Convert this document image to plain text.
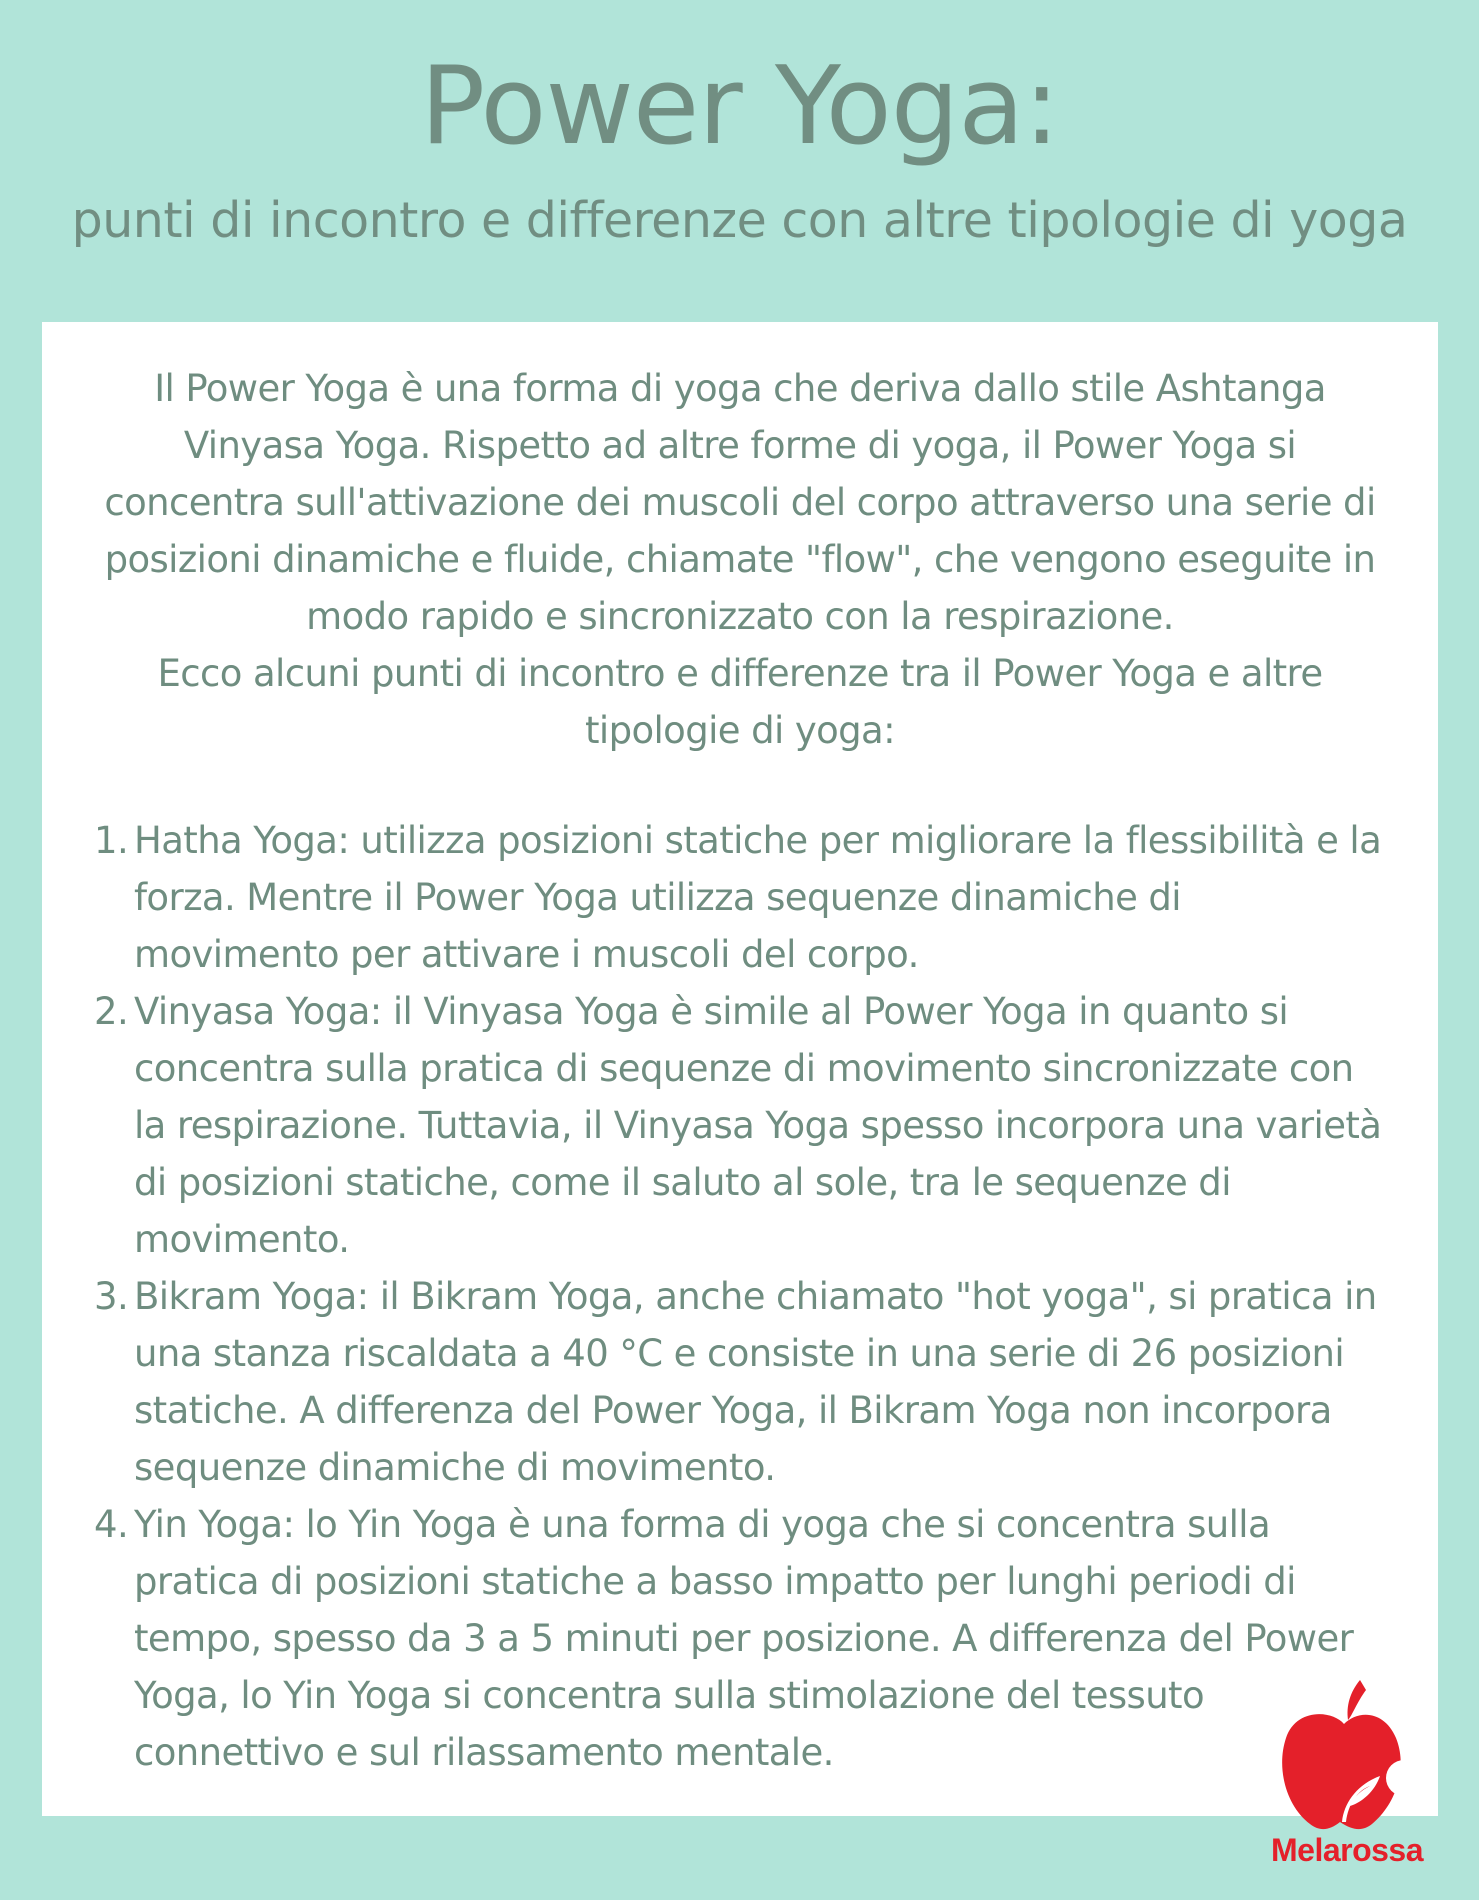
Power Yoga:
punti di incontro e differenze con altre tipologie di yoga

Il Power Yoga è una forma di yoga che deriva dallo stile Ashtanga Vinyasa Yoga. Rispetto ad altre forme di yoga, il Power Yoga si concentra sull'attivazione dei muscoli del corpo attraverso una serie di posizioni dinamiche e fluide, chiamate "flow", che vengono eseguite in modo rapido e sincronizzato con la respirazione.

Ecco alcuni punti di incontro e differenze tra il Power Yoga e altre tipologie di yoga:

1. Hatha Yoga: utilizza posizioni statiche per migliorare la flessibilità e la forza. Mentre il Power Yoga utilizza sequenze dinamiche di movimento per attivare i muscoli del corpo.
2. Vinyasa Yoga: il Vinyasa Yoga è simile al Power Yoga in quanto si concentra sulla pratica di sequenze di movimento sincronizzate con la respirazione. Tuttavia, il Vinyasa Yoga spesso incorpora una varietà di posizioni statiche, come il saluto al sole, tra le sequenze di movimento.
3. Bikram Yoga: il Bikram Yoga, anche chiamato "hot yoga", si pratica in una stanza riscaldata a 40 °C e consiste in una serie di 26 posizioni statiche. A differenza del Power Yoga, il Bikram Yoga non incorpora sequenze dinamiche di movimento.
4. Yin Yoga: lo Yin Yoga è una forma di yoga che si concentra sulla pratica di posizioni statiche a basso impatto per lunghi periodi di tempo, spesso da 3 a 5 minuti per posizione. A differenza del Power Yoga, lo Yin Yoga si concentra sulla stimolazione del tessuto connettivo e sul rilassamento mentale.
Melarossa
